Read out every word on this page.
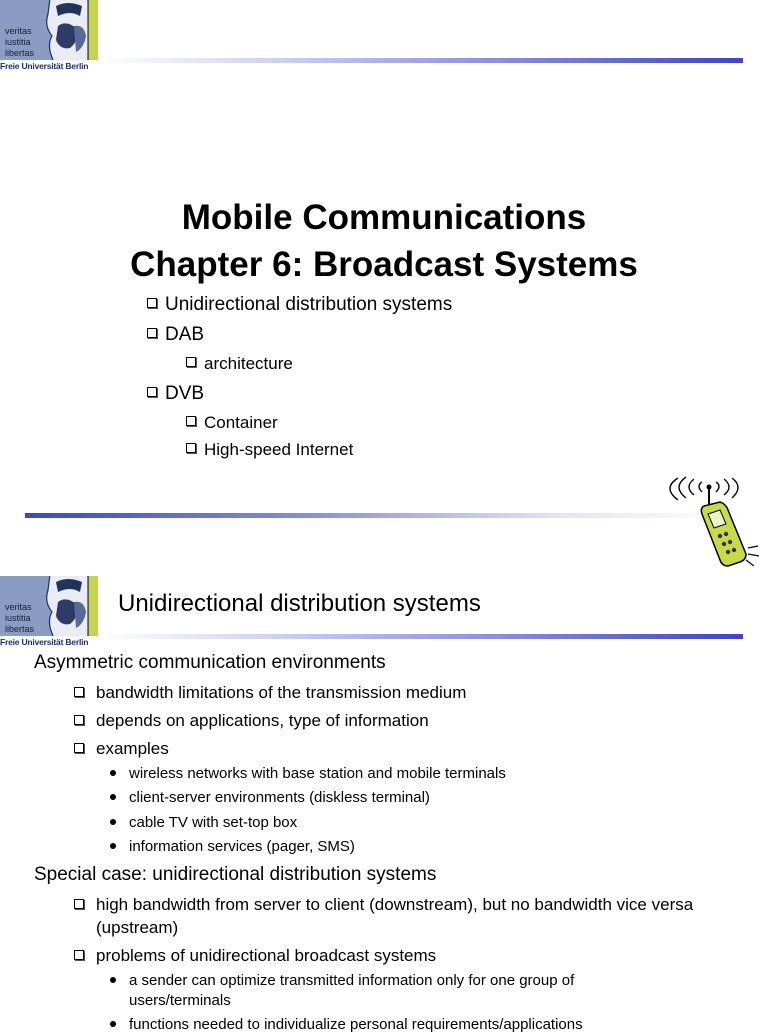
veritas
iustitia
libertas
Freie Universität Berlin
Mobile Communications
Chapter 6: Broadcast Systems
Unidirectional distribution systems
DAB
architecture
DVB
Container
High-speed Internet
veritas
iustitia
libertas
Freie Universität Berlin
Unidirectional distribution systems
Asymmetric communication environments
bandwidth limitations of the transmission medium
depends on applications, type of information
examples
wireless networks with base station and mobile terminals
client-server environments (diskless terminal)
cable TV with set-top box
information services (pager, SMS)
Special case: unidirectional distribution systems
high bandwidth from server to client (downstream), but no bandwidth vice versa (upstream)
problems of unidirectional broadcast systems
a sender can optimize transmitted information only for one group of users/terminals
functions needed to individualize personal requirements/applications
